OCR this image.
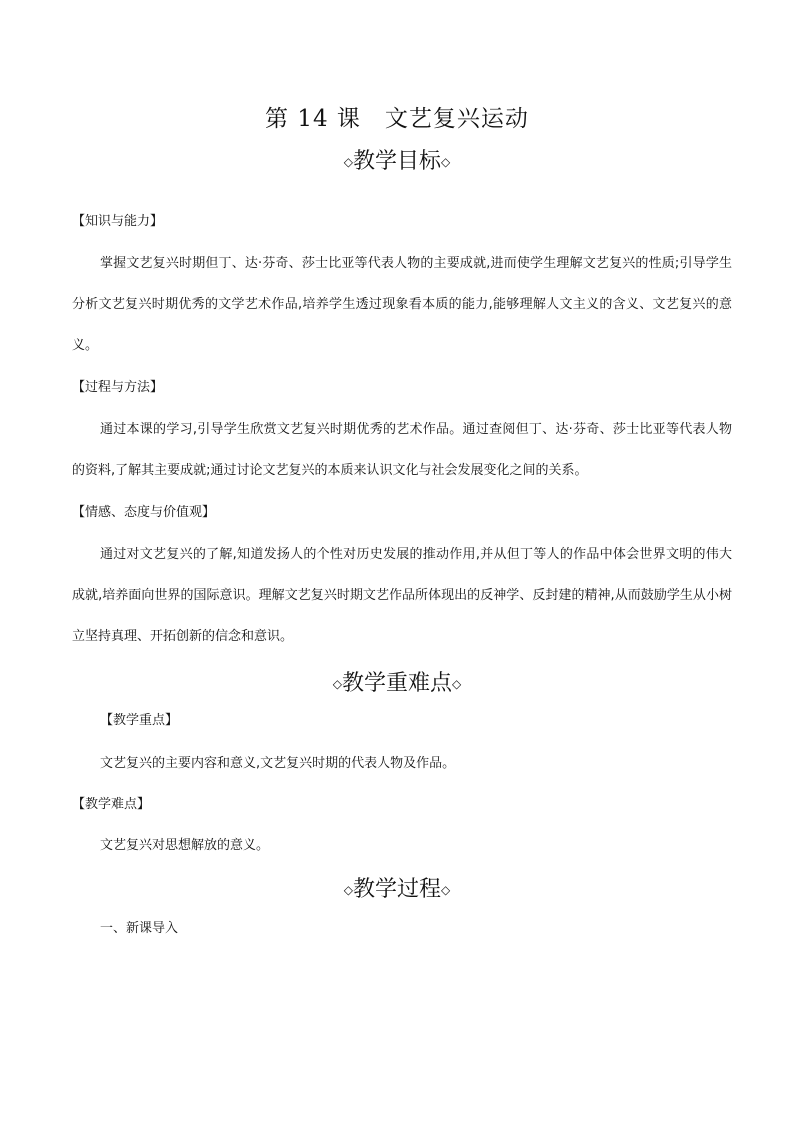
第 14 课　文艺复兴运动
◇教学目标◇
【知识与能力】
掌握文艺复兴时期但丁、达·芬奇、莎士比亚等代表人物的主要成就,进而使学生理解文艺复兴的性质;引导学生分析文艺复兴时期优秀的文学艺术作品,培养学生透过现象看本质的能力,能够理解人文主义的含义、文艺复兴的意义。
【过程与方法】
通过本课的学习,引导学生欣赏文艺复兴时期优秀的艺术作品。通过查阅但丁、达·芬奇、莎士比亚等代表人物的资料,了解其主要成就;通过讨论文艺复兴的本质来认识文化与社会发展变化之间的关系。
【情感、态度与价值观】
通过对文艺复兴的了解,知道发扬人的个性对历史发展的推动作用,并从但丁等人的作品中体会世界文明的伟大成就,培养面向世界的国际意识。理解文艺复兴时期文艺作品所体现出的反神学、反封建的精神,从而鼓励学生从小树立坚持真理、开拓创新的信念和意识。
◇教学重难点◇
【教学重点】
文艺复兴的主要内容和意义,文艺复兴时期的代表人物及作品。
【教学难点】
文艺复兴对思想解放的意义。
◇教学过程◇
一、新课导入
